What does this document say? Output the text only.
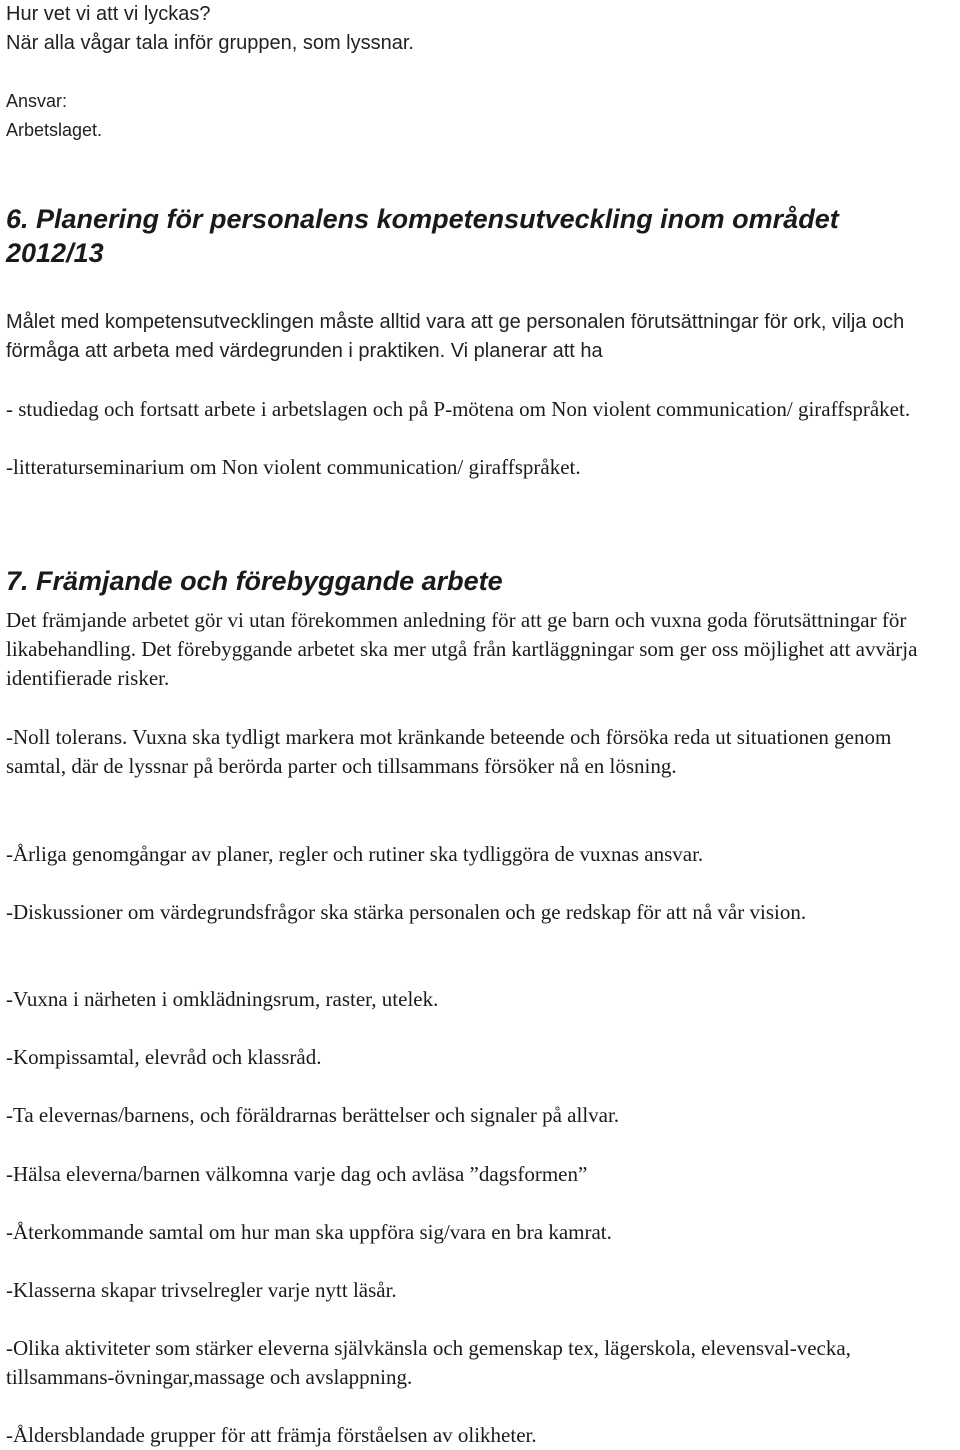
Hur vet vi att vi lyckas?

När alla vågar tala inför gruppen, som lyssnar.

Ansvar:

Arbetslaget.

6. Planering för personalens kompetensutveckling inom området 2012/13

Målet med kompetensutvecklingen måste alltid vara att ge personalen förutsättningar för ork, vilja och förmåga att arbeta med värdegrunden i praktiken. Vi planerar att ha

- studiedag och fortsatt arbete i arbetslagen och på P-mötena om Non violent communication/ giraffspråket.

-litteraturseminarium om Non violent communication/ giraffspråket.

7. Främjande och förebyggande arbete

Det främjande arbetet gör vi utan förekommen anledning för att ge barn och vuxna goda förutsättningar för likabehandling. Det förebyggande arbetet ska mer utgå från kartläggningar som ger oss möjlighet att avvärja identifierade risker.

-Noll tolerans. Vuxna ska tydligt markera mot kränkande beteende och försöka reda ut situationen genom samtal, där de lyssnar på berörda parter och tillsammans försöker nå en lösning.

-Årliga genomgångar av planer, regler och rutiner ska tydliggöra de vuxnas ansvar.

-Diskussioner om värdegrundsfrågor ska stärka personalen och ge redskap för att nå vår vision.

-Vuxna i närheten i omklädningsrum, raster, utelek.

-Kompissamtal, elevråd och klassråd.

-Ta elevernas/barnens, och föräldrarnas berättelser och signaler på allvar.

-Hälsa eleverna/barnen välkomna varje dag och avläsa ”dagsformen”

-Återkommande samtal om hur man ska uppföra sig/vara en bra kamrat.

-Klasserna skapar trivselregler varje nytt läsår.

-Olika aktiviteter som stärker eleverna självkänsla och gemenskap tex, lägerskola, elevensval-vecka, tillsammans-övningar,massage och avslappning.

-Åldersblandade grupper för att främja förståelsen av olikheter.
